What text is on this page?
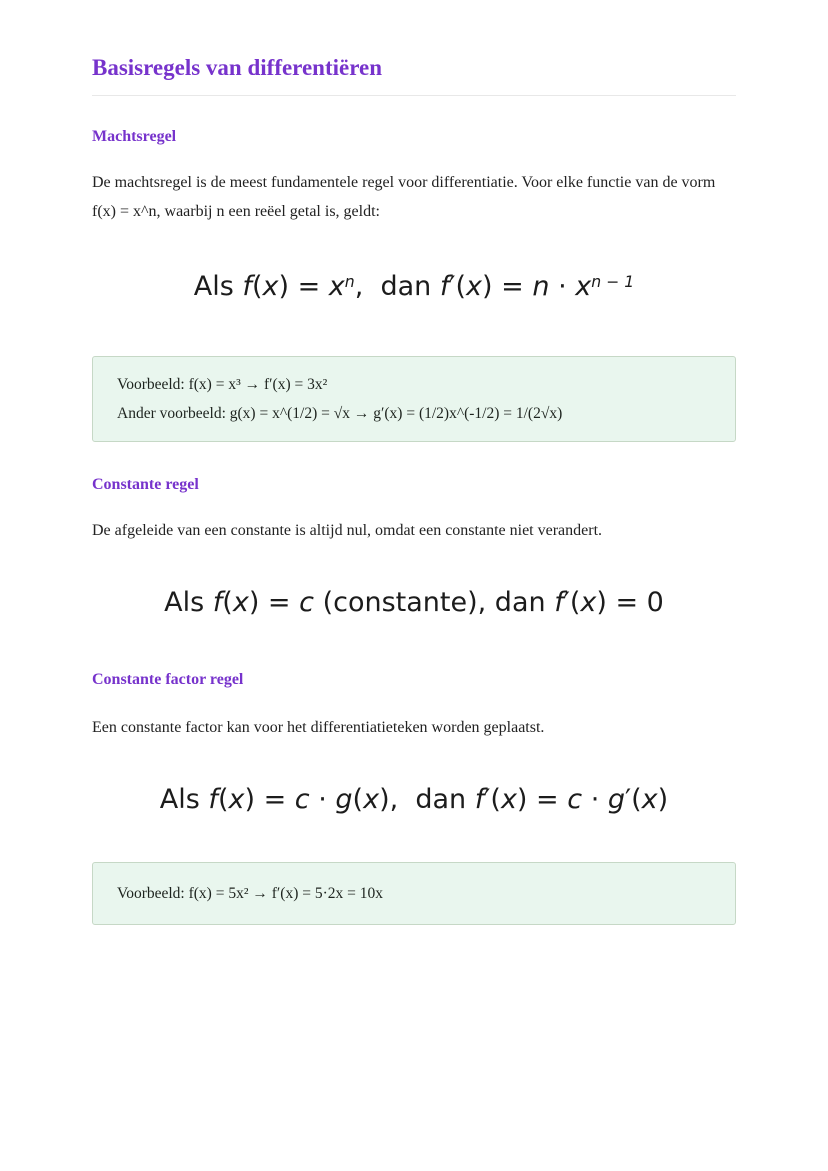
Basisregels van differentiëren
Machtsregel

De machtsregel is de meest fundamentele regel voor differentiatie. Voor elke functie van de vorm f(x) = x^n, waarbij n een reëel getal is, geldt:

Als $f(x) = x^n$,  dan $f'(x) = n \cdot x^{n - 1}$
Voorbeeld: f(x) = x³ → f′(x) = 3x²
Ander voorbeeld: g(x) = x^(1/2) = √x → g′(x) = (1/2)x^(-1/2) = 1/(2√x)
Constante regel

De afgeleide van een constante is altijd nul, omdat een constante niet verandert.

Als f(x) = c (constante), dan f′(x) = 0
Constante factor regel

Een constante factor kan voor het differentiatieteken worden geplaatst.

Als f(x) = c · g(x),  dan f′(x) = c · g′(x)
Voorbeeld: f(x) = 5x² → f′(x) = 5·2x = 10x
